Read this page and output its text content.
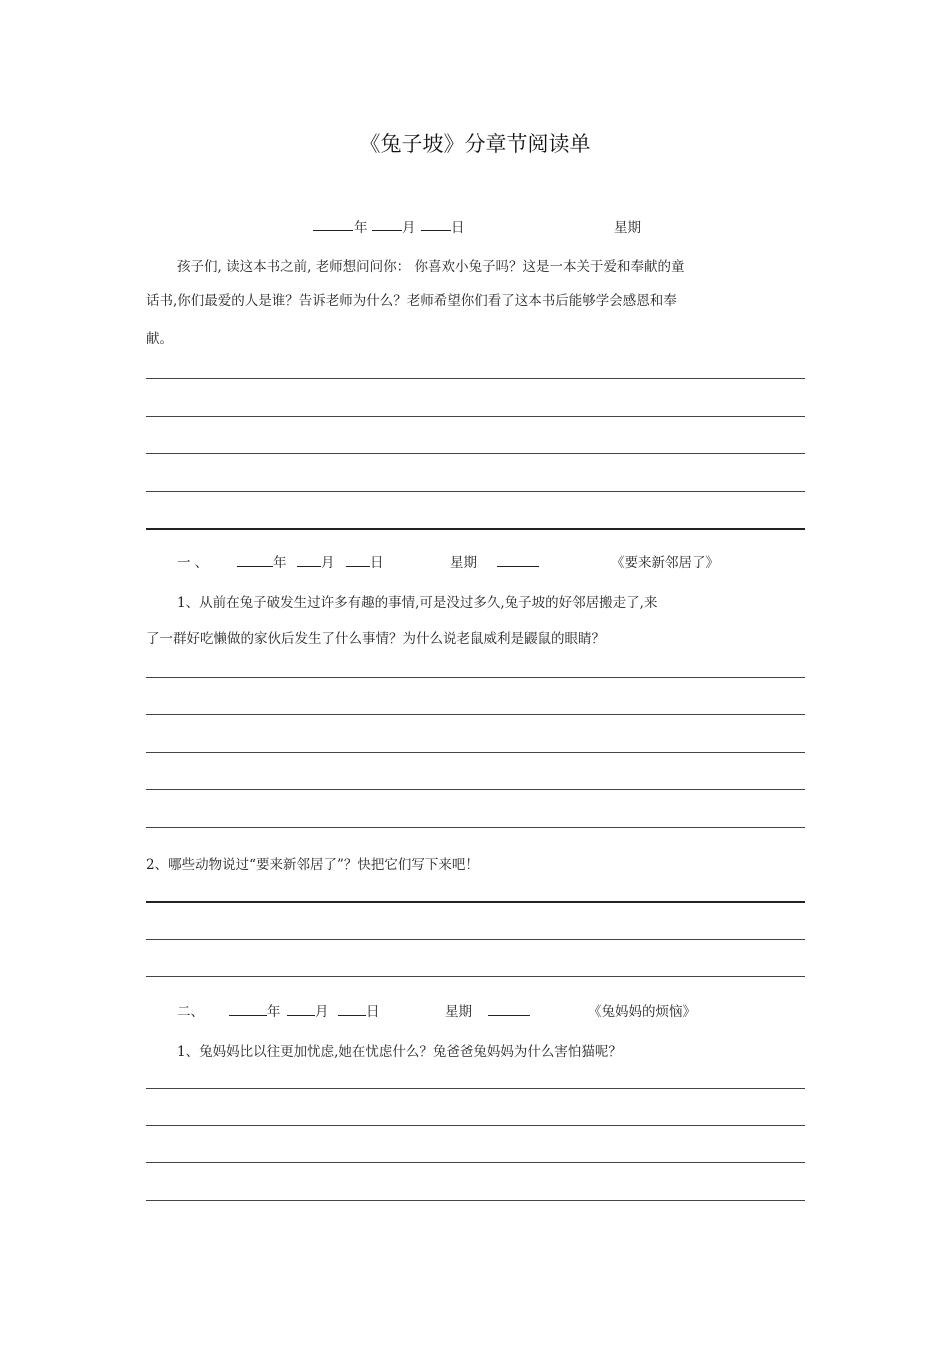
《兔子坡》分章节阅读单
年	月	日	星期
孩子们, 读这本书之前, 老师想问问你： 你喜欢小兔子吗？这是一本关于爱和奉献的童
话书,你们最爱的人是谁？告诉老师为什么？老师希望你们看了这本书后能够学会感恩和奉
献。
一 、	年	月	日	星期	《要来新邻居了》
1、从前在兔子破发生过许多有趣的事情,可是没过多久,兔子坡的好邻居搬走了,来
了一群好吃懒做的家伙后发生了什么事情？为什么说老鼠威利是鼹鼠的眼睛？
2、哪些动物说过“要来新邻居了”？快把它们写下来吧！
二、	年	月	日	星期	《兔妈妈的烦恼》
1、兔妈妈比以往更加忧虑,她在忧虑什么？兔爸爸兔妈妈为什么害怕猫呢？
